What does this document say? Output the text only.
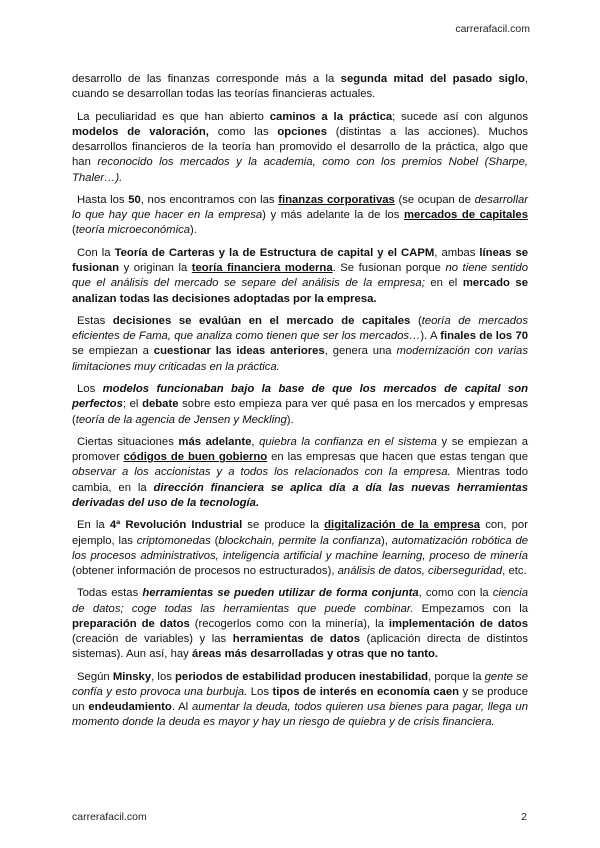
carrerafacil.com

desarrollo de las finanzas corresponde más a la segunda mitad del pasado siglo, cuando se desarrollan todas las teorías financieras actuales.

La peculiaridad es que han abierto caminos a la práctica; sucede así con algunos modelos de valoración, como las opciones (distintas a las acciones). Muchos desarrollos financieros de la teoría han promovido el desarrollo de la práctica, algo que han reconocido los mercados y la academia, como con los premios Nobel (Sharpe, Thaler…).

Hasta los 50, nos encontramos con las finanzas corporativas (se ocupan de desarrollar lo que hay que hacer en la empresa) y más adelante la de los mercados de capitales (teoría microeconómica).

Con la Teoría de Carteras y la de Estructura de capital y el CAPM, ambas líneas se fusionan y originan la teoría financiera moderna. Se fusionan porque no tiene sentido que el análisis del mercado se separe del análisis de la empresa; en el mercado se analizan todas las decisiones adoptadas por la empresa.

Estas decisiones se evalúan en el mercado de capitales (teoría de mercados eficientes de Fama, que analiza como tienen que ser los mercados…). A finales de los 70 se empiezan a cuestionar las ideas anteriores, genera una modernización con varias limitaciones muy criticadas en la práctica.

Los modelos funcionaban bajo la base de que los mercados de capital son perfectos; el debate sobre esto empieza para ver qué pasa en los mercados y empresas (teoría de la agencia de Jensen y Meckling).

Ciertas situaciones más adelante, quiebra la confianza en el sistema y se empiezan a promover códigos de buen gobierno en las empresas que hacen que estas tengan que observar a los accionistas y a todos los relacionados con la empresa. Mientras todo cambia, en la dirección financiera se aplica día a día las nuevas herramientas derivadas del uso de la tecnología.

En la 4ª Revolución Industrial se produce la digitalización de la empresa con, por ejemplo, las criptomonedas (blockchain, permite la confianza), automatización robótica de los procesos administrativos, inteligencia artificial y machine learning, proceso de minería (obtener información de procesos no estructurados), análisis de datos, ciberseguridad, etc.

Todas estas herramientas se pueden utilizar de forma conjunta, como con la ciencia de datos; coge todas las herramientas que puede combinar. Empezamos con la preparación de datos (recogerlos como con la minería), la implementación de datos (creación de variables) y las herramientas de datos (aplicación directa de distintos sistemas). Aun así, hay áreas más desarrolladas y otras que no tanto.

Según Minsky, los periodos de estabilidad producen inestabilidad, porque la gente se confía y esto provoca una burbuja. Los tipos de interés en economía caen y se produce un endeudamiento. Al aumentar la deuda, todos quieren usa bienes para pagar, llega un momento donde la deuda es mayor y hay un riesgo de quiebra y de crisis financiera.

carrerafacil.com	2
